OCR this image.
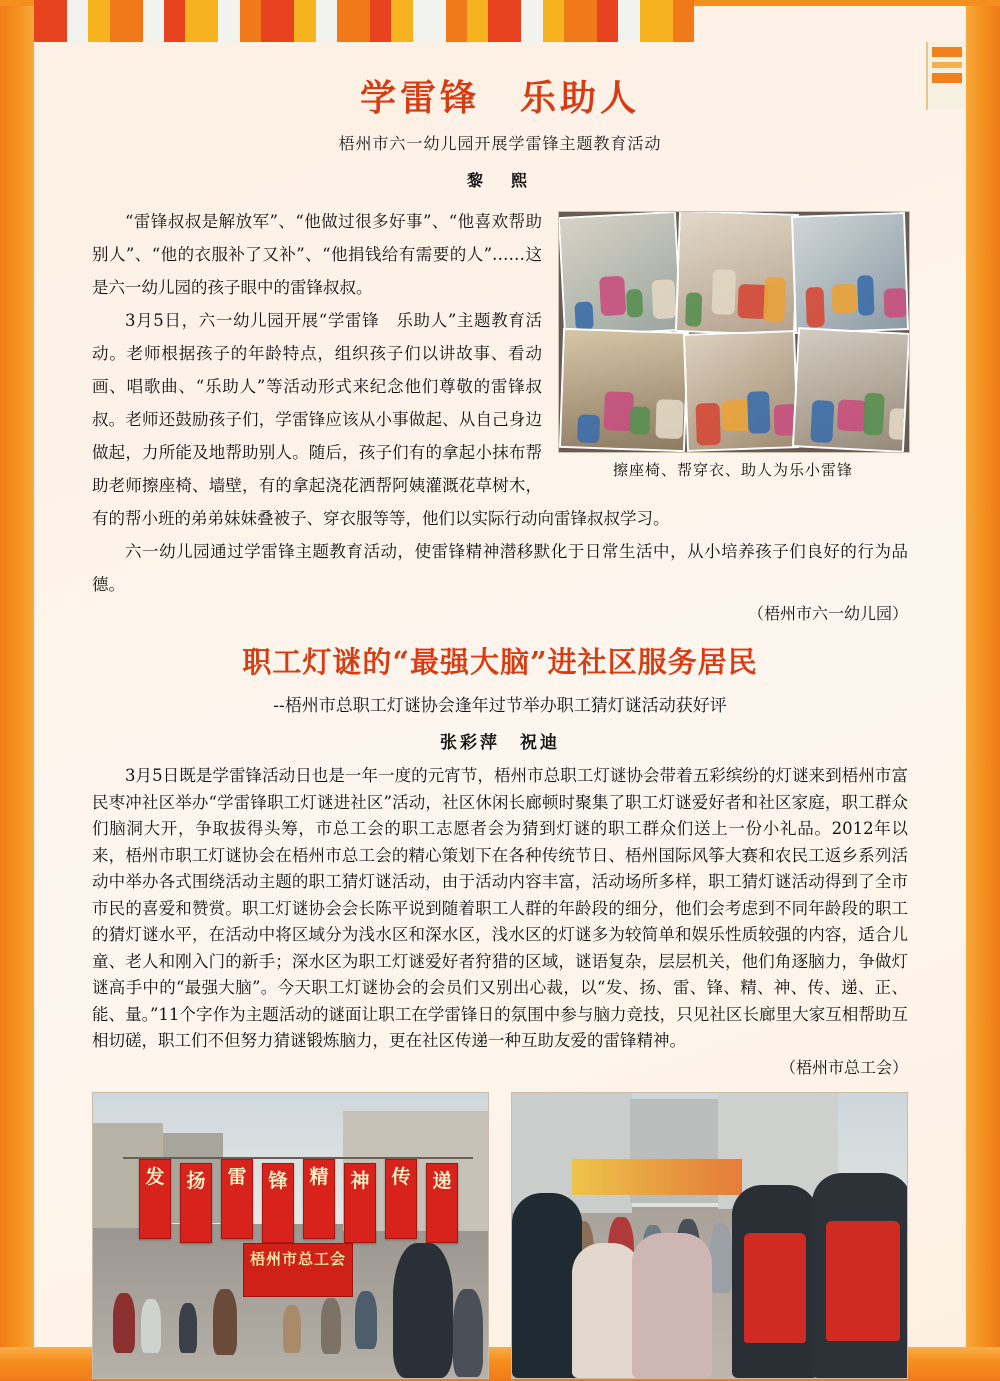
学雷锋　乐助人
梧州市六一幼儿园开展学雷锋主题教育活动
黎　熙
擦座椅、帮穿衣、助人为乐小雷锋

“雷锋叔叔是解放军”、“他做过很多好事”、“他喜欢帮助别人”、“他的衣服补了又补”、“他捐钱给有需要的人”……这是六一幼儿园的孩子眼中的雷锋叔叔。

3月5日，六一幼儿园开展“学雷锋　乐助人”主题教育活动。老师根据孩子的年龄特点，组织孩子们以讲故事、看动画、唱歌曲、“乐助人”等活动形式来纪念他们尊敬的雷锋叔叔。老师还鼓励孩子们，学雷锋应该从小事做起、从自己身边做起，力所能及地帮助别人。随后，孩子们有的拿起小抹布帮助老师擦座椅、墙壁，有的拿起浇花洒帮阿姨灌溉花草树木，有的帮小班的弟弟妹妹叠被子、穿衣服等等，他们以实际行动向雷锋叔叔学习。

六一幼儿园通过学雷锋主题教育活动，使雷锋精神潜移默化于日常生活中，从小培养孩子们良好的行为品德。

（梧州市六一幼儿园）
职工灯谜的“最强大脑”进社区服务居民
--梧州市总职工灯谜协会逢年过节举办职工猜灯谜活动获好评
张彩萍　祝迪

3月5日既是学雷锋活动日也是一年一度的元宵节，梧州市总职工灯谜协会带着五彩缤纷的灯谜来到梧州市富民枣冲社区举办“学雷锋职工灯谜进社区”活动，社区休闲长廊顿时聚集了职工灯谜爱好者和社区家庭，职工群众们脑洞大开，争取拔得头筹，市总工会的职工志愿者会为猜到灯谜的职工群众们送上一份小礼品。2012年以来，梧州市职工灯谜协会在梧州市总工会的精心策划下在各种传统节日、梧州国际风筝大赛和农民工返乡系列活动中举办各式围绕活动主题的职工猜灯谜活动，由于活动内容丰富，活动场所多样，职工猜灯谜活动得到了全市市民的喜爱和赞赏。职工灯谜协会会长陈平说到随着职工人群的年龄段的细分，他们会考虑到不同年龄段的职工的猜灯谜水平，在活动中将区域分为浅水区和深水区，浅水区的灯谜多为较简单和娱乐性质较强的内容，适合儿童、老人和刚入门的新手；深水区为职工灯谜爱好者狩猎的区域，谜语复杂，层层机关，他们角逐脑力，争做灯谜高手中的“最强大脑”。今天职工灯谜协会的会员们又别出心裁，以“发、扬、雷、锋、精、神、传、递、正、能、量。”11个字作为主题活动的谜面让职工在学雷锋日的氛围中参与脑力竞技，只见社区长廊里大家互相帮助互相切磋，职工们不但努力猜谜锻炼脑力，更在社区传递一种互助友爱的雷锋精神。

（梧州市总工会）
发	扬	雷	锋	精	神	传	递
梧州市总工会
